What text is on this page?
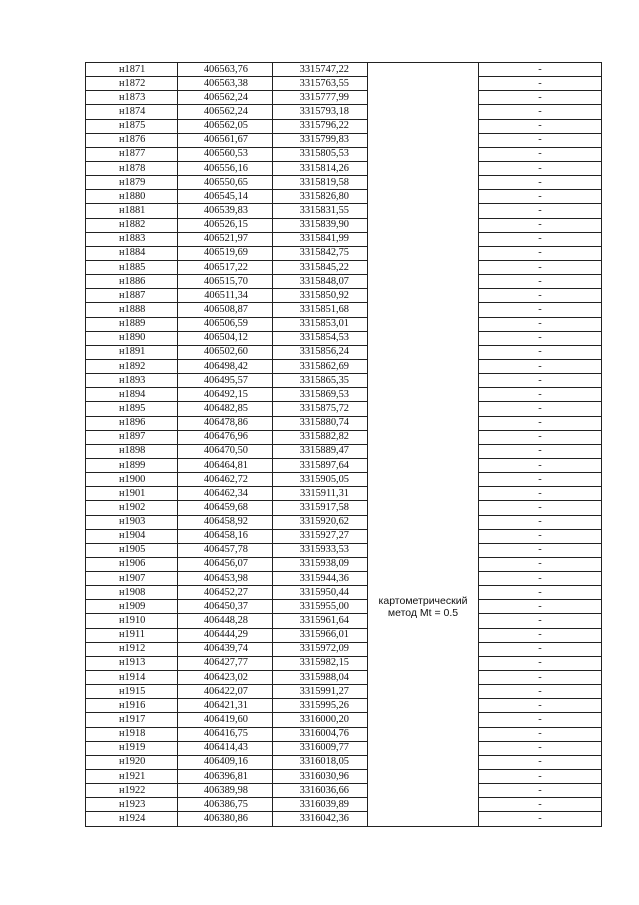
н1871	406563,76	3315747,22		-
н1872	406563,38	3315763,55		-
н1873	406562,24	3315777,99		-
н1874	406562,24	3315793,18		-
н1875	406562,05	3315796,22		-
н1876	406561,67	3315799,83		-
н1877	406560,53	3315805,53		-
н1878	406556,16	3315814,26		-
н1879	406550,65	3315819,58		-
н1880	406545,14	3315826,80		-
н1881	406539,83	3315831,55		-
н1882	406526,15	3315839,90		-
н1883	406521,97	3315841,99		-
н1884	406519,69	3315842,75		-
н1885	406517,22	3315845,22		-
н1886	406515,70	3315848,07		-
н1887	406511,34	3315850,92		-
н1888	406508,87	3315851,68		-
н1889	406506,59	3315853,01		-
н1890	406504,12	3315854,53		-
н1891	406502,60	3315856,24		-
н1892	406498,42	3315862,69		-
н1893	406495,57	3315865,35		-
н1894	406492,15	3315869,53	картометрический метод Mt = 0.5	-
н1895	406482,85	3315875,72		-
н1896	406478,86	3315880,74		-
н1897	406476,96	3315882,82		-
н1898	406470,50	3315889,47		-
н1899	406464,81	3315897,64		-
н1900	406462,72	3315905,05		-
н1901	406462,34	3315911,31		-
н1902	406459,68	3315917,58		-
н1903	406458,92	3315920,62		-
н1904	406458,16	3315927,27		-
н1905	406457,78	3315933,53		-
н1906	406456,07	3315938,09		-
н1907	406453,98	3315944,36		-
н1908	406452,27	3315950,44		-
н1909	406450,37	3315955,00		-
н1910	406448,28	3315961,64		-
н1911	406444,29	3315966,01		-
н1912	406439,74	3315972,09		-
н1913	406427,77	3315982,15		-
н1914	406423,02	3315988,04		-
н1915	406422,07	3315991,27		-
н1916	406421,31	3315995,26		-
н1917	406419,60	3316000,20		-
н1918	406416,75	3316004,76		-
н1919	406414,43	3316009,77		-
н1920	406409,16	3316018,05		-
н1921	406396,81	3316030,96		-
н1922	406389,98	3316036,66		-
н1923	406386,75	3316039,89		-
н1924	406380,86	3316042,36		-
